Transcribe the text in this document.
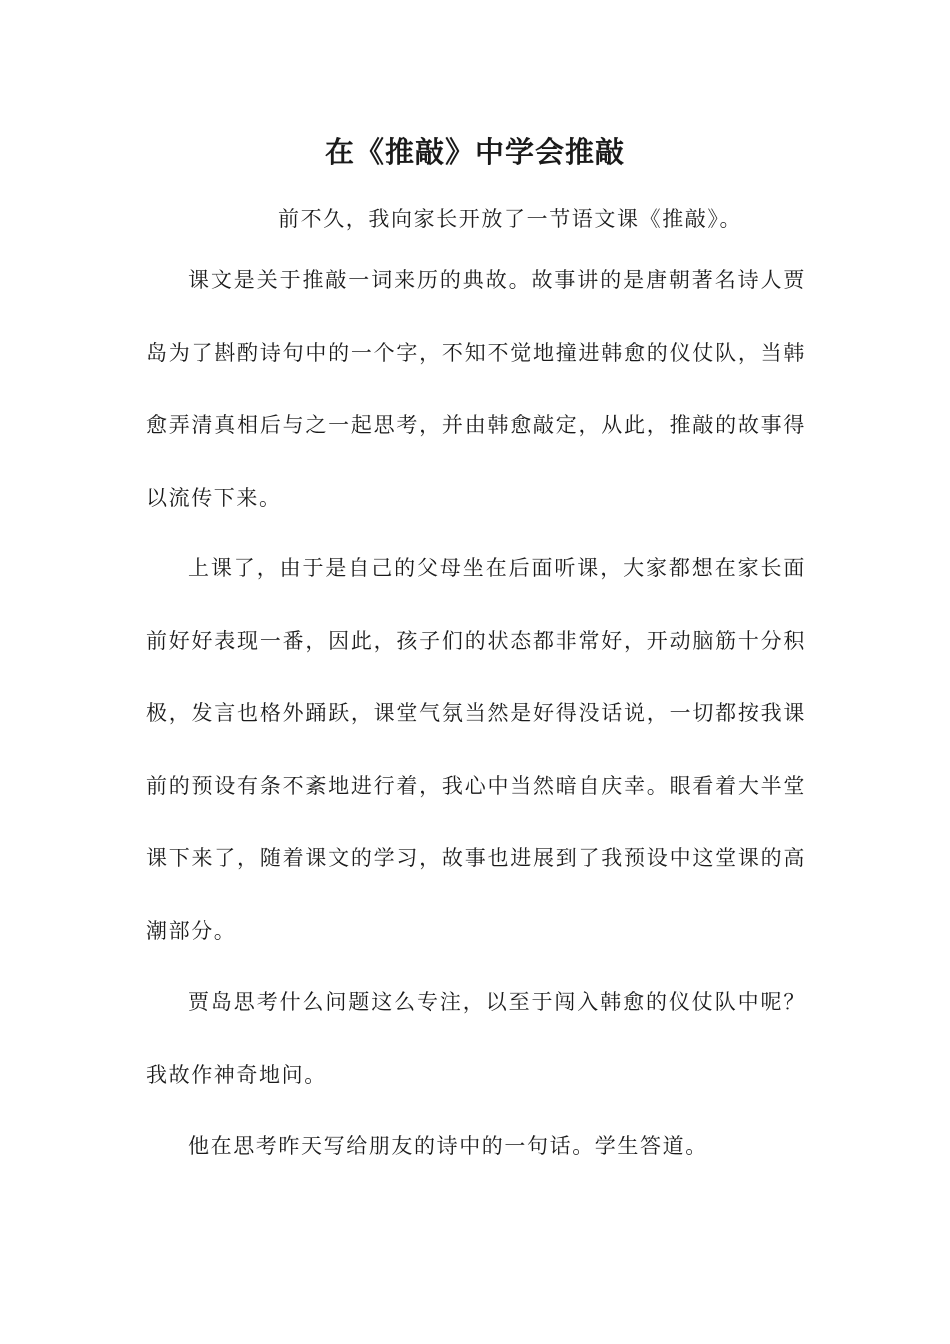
在《推敲》中学会推敲
前不久，我向家长开放了一节语文课《推敲》。

课文是关于推敲一词来历的典故。故事讲的是唐朝著名诗人贾岛为了斟酌诗句中的一个字，不知不觉地撞进韩愈的仪仗队，当韩愈弄清真相后与之一起思考，并由韩愈敲定，从此，推敲的故事得以流传下来。

上课了，由于是自己的父母坐在后面听课，大家都想在家长面前好好表现一番，因此，孩子们的状态都非常好，开动脑筋十分积极，发言也格外踊跃，课堂气氛当然是好得没话说，一切都按我课前的预设有条不紊地进行着，我心中当然暗自庆幸。眼看着大半堂课下来了，随着课文的学习，故事也进展到了我预设中这堂课的高潮部分。

贾岛思考什么问题这么专注，以至于闯入韩愈的仪仗队中呢？我故作神奇地问。

他在思考昨天写给朋友的诗中的一句话。学生答道。
